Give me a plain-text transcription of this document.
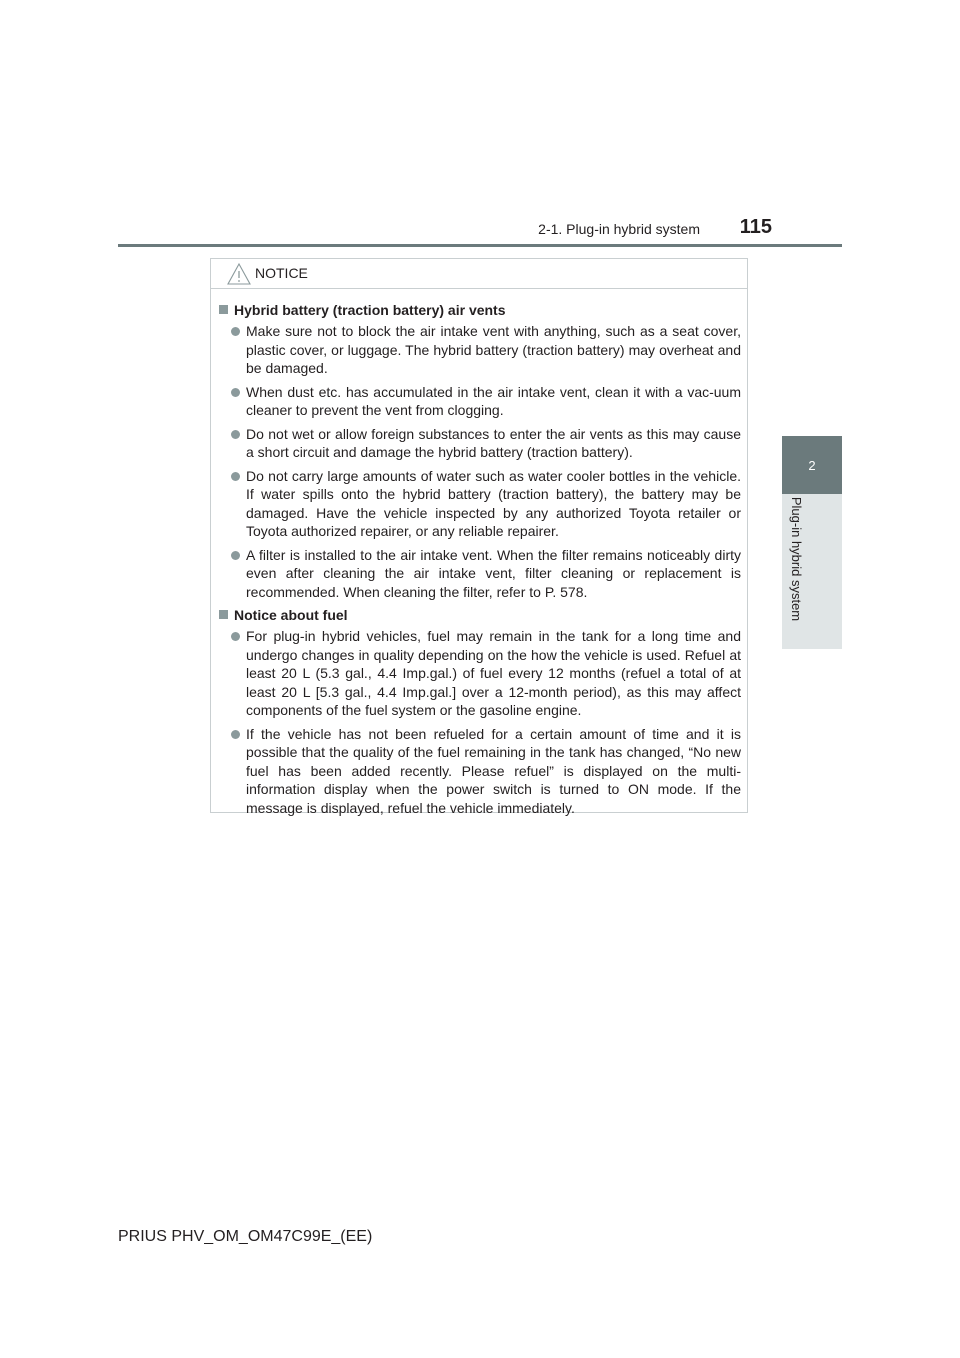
2-1. Plug-in hybrid system	115
2
Plug-in hybrid system
NOTICE
Hybrid battery (traction battery) air vents
Make sure not to block the air intake vent with anything, such as a seat cover, plastic cover, or luggage. The hybrid battery (traction battery) may overheat and be damaged.
When dust etc. has accumulated in the air intake vent, clean it with a vac-uum cleaner to prevent the vent from clogging.
Do not wet or allow foreign substances to enter the air vents as this may cause a short circuit and damage the hybrid battery (traction battery).
Do not carry large amounts of water such as water cooler bottles in the vehicle. If water spills onto the hybrid battery (traction battery), the battery may be damaged. Have the vehicle inspected by any authorized Toyota retailer or Toyota authorized repairer, or any reliable repairer.
A filter is installed to the air intake vent. When the filter remains noticeably dirty even after cleaning the air intake vent, filter cleaning or replacement is recommended. When cleaning the filter, refer to P. 578.
Notice about fuel
For plug-in hybrid vehicles, fuel may remain in the tank for a long time and undergo changes in quality depending on the how the vehicle is used. Refuel at least 20 L (5.3 gal., 4.4 Imp.gal.) of fuel every 12 months (refuel a total of at least 20 L [5.3 gal., 4.4 Imp.gal.] over a 12-month period), as this may affect components of the fuel system or the gasoline engine.
If the vehicle has not been refueled for a certain amount of time and it is possible that the quality of the fuel remaining in the tank has changed, “No new fuel has been added recently. Please refuel” is displayed on the multi-information display when the power switch is turned to ON mode. If the message is displayed, refuel the vehicle immediately.
PRIUS PHV_OM_OM47C99E_(EE)
